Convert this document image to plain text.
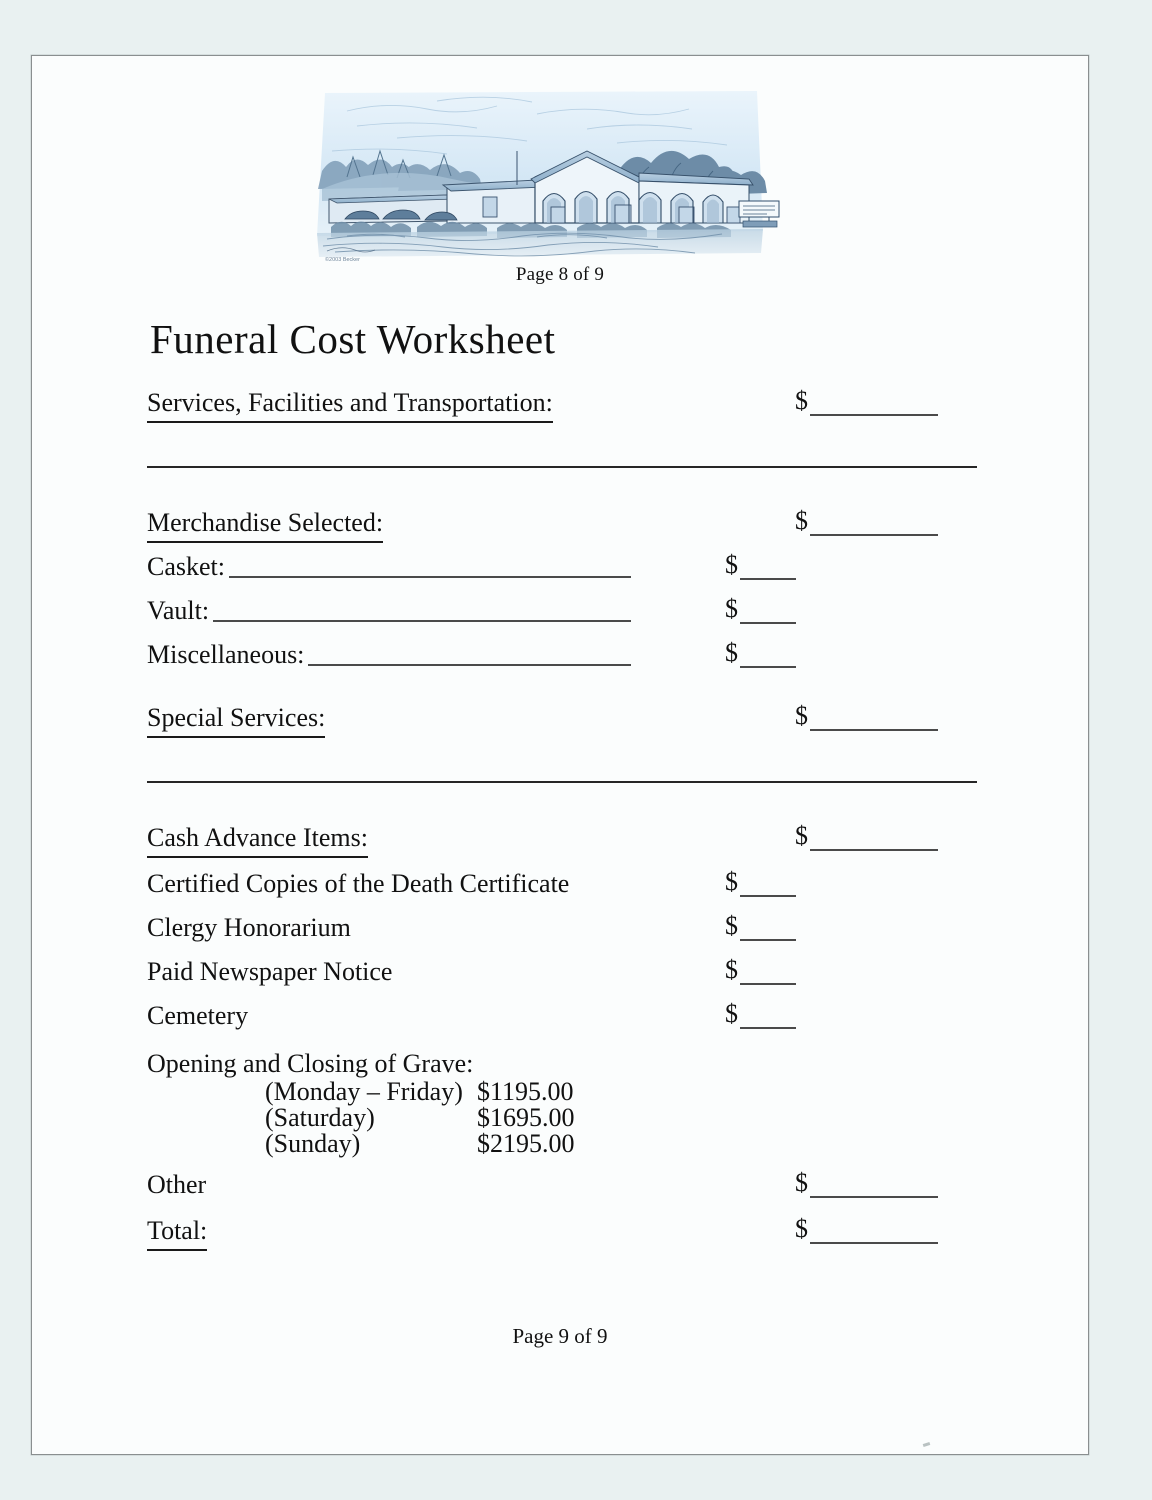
©2003 Becker
Page 8 of 9
Funeral Cost Worksheet
Services, Facilities and Transportation:	$
Merchandise Selected:	$
Casket:	$
Vault:	$
Miscellaneous:	$
Special Services:	$
Cash Advance Items:	$
Certified Copies of the Death Certificate	$
Clergy Honorarium	$
Paid Newspaper Notice	$
Cemetery	$
Opening and Closing of Grave:
(Monday – Friday) $1195.00
(Saturday)	$1695.00
(Sunday)	$2195.00
Other	$
Total:	$
Page 9 of 9
